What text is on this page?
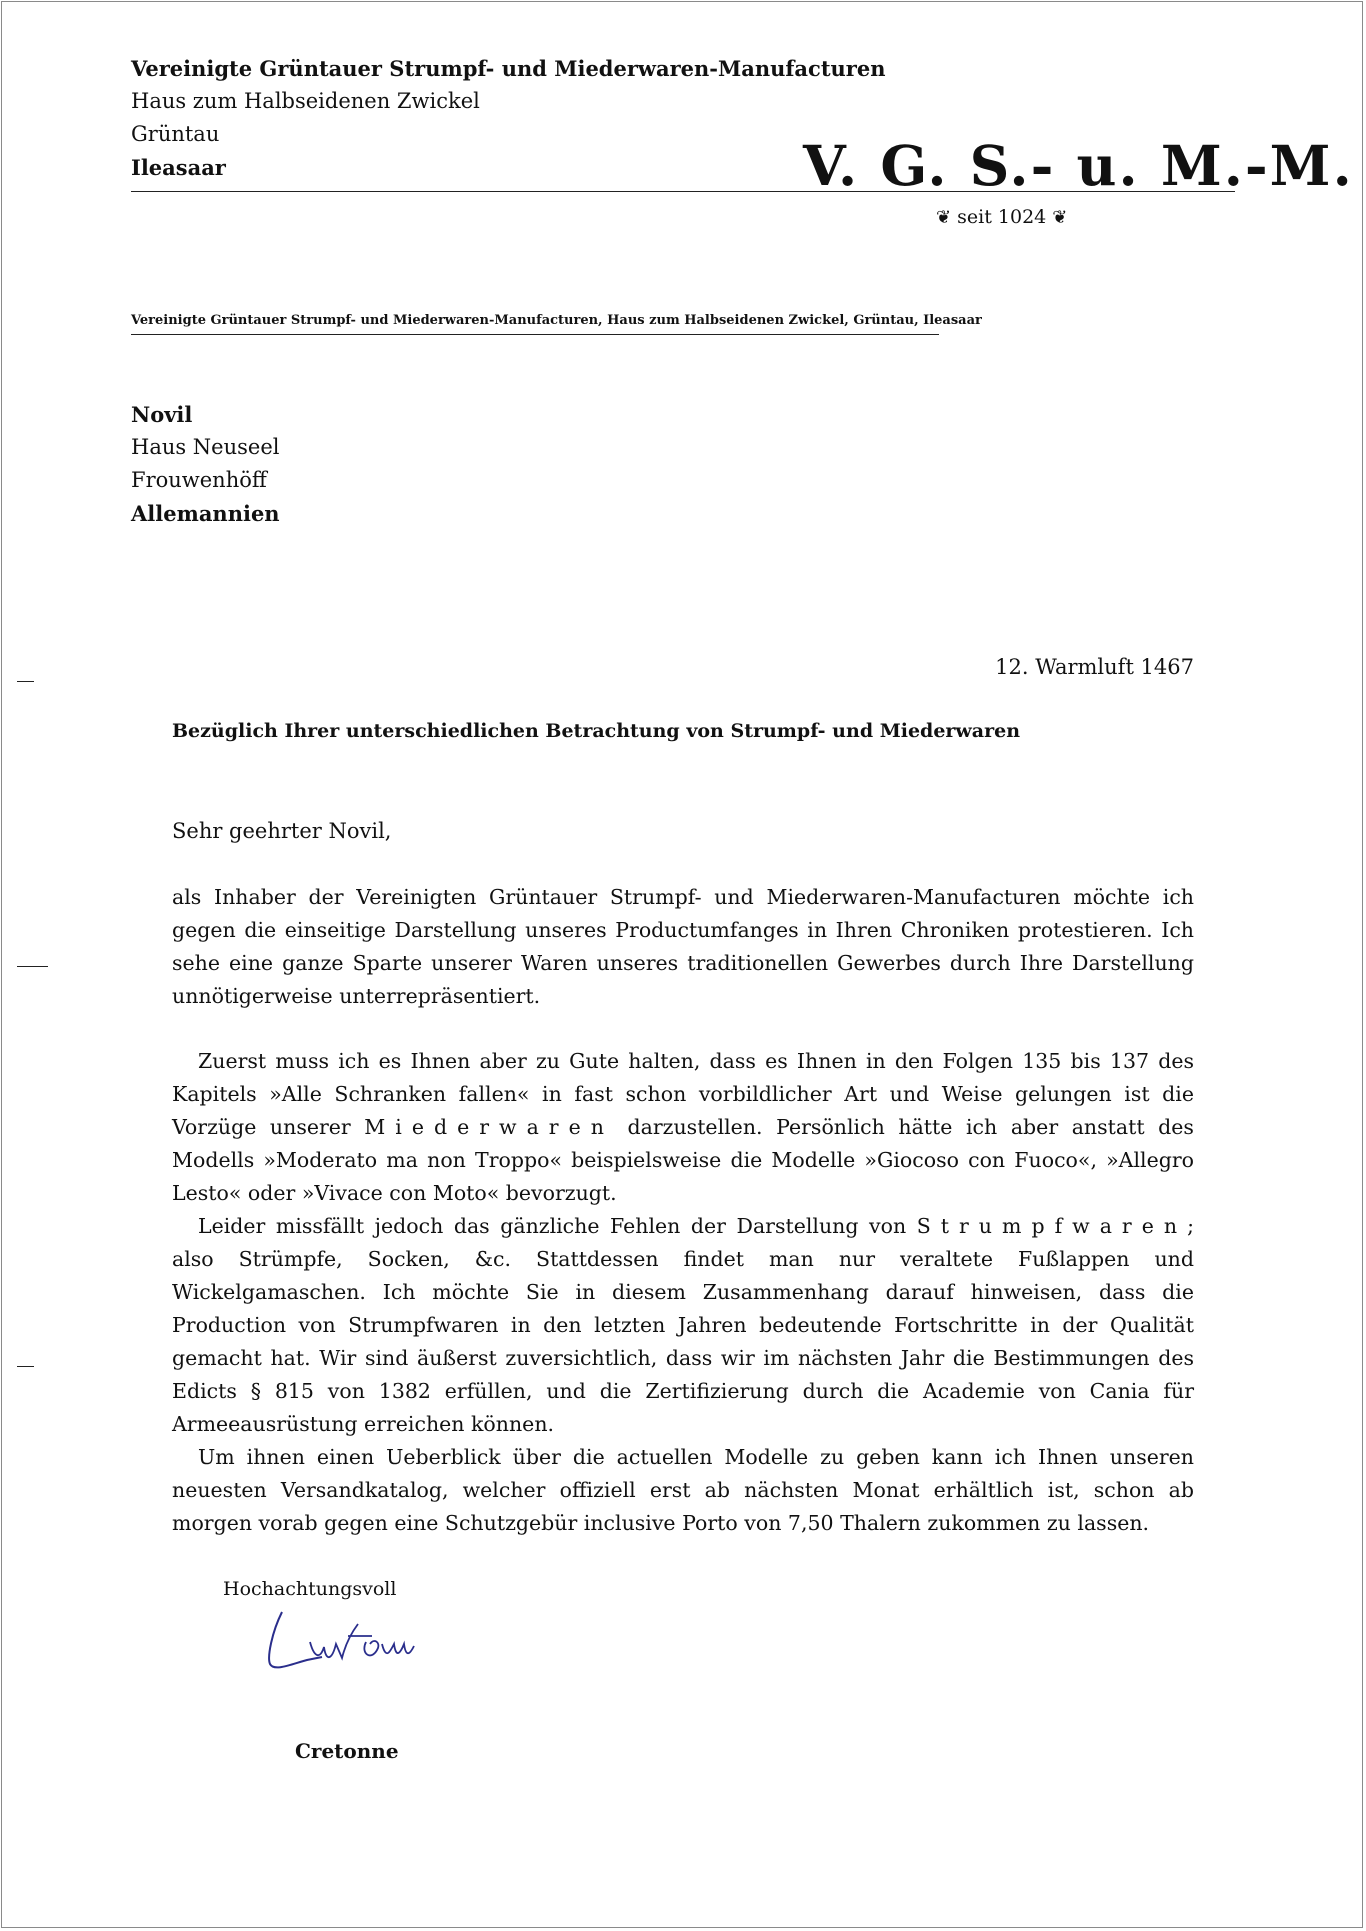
Vereinigte Grüntauer Strumpf- und Miederwaren-Manufacturen
Haus zum Halbseidenen Zwickel
Grüntau
Ileasaar	V. G. S.- u. M.-M.
❦ seit 1024 ❦
Vereinigte Grüntauer Strumpf- und Miederwaren-Manufacturen, Haus zum Halbseidenen Zwickel, Grüntau, Ileasaar
Novil
Haus Neuseel
Frouwenhöff
Allemannien
12. Warmluft 1467
Bezüglich Ihrer unterschiedlichen Betrachtung von Strumpf- und Miederwaren
Sehr geehrter Novil,
als Inhaber der Vereinigten Grüntauer Strumpf- und Miederwaren-Manufacturen möchte ich gegen die einseitige Darstellung unseres Productumfanges in Ihren Chroniken protestieren. Ich sehe eine ganze Sparte unserer Waren unseres traditionellen Gewerbes durch Ihre Darstellung unnötigerweise unterrepräsentiert.
Zuerst muss ich es Ihnen aber zu Gute halten, dass es Ihnen in den Folgen 135 bis 137 des Kapitels »Alle Schranken fallen« in fast schon vorbildlicher Art und Weise gelungen ist die Vorzüge unserer Miederwaren darzustellen. Persönlich hätte ich aber anstatt des Modells »Moderato ma non Troppo« beispielsweise die Modelle »Giocoso con Fuoco«, »Allegro Lesto« oder »Vivace con Moto« bevorzugt.
Leider missfällt jedoch das gänzliche Fehlen der Darstellung von Strumpfwaren; also Strümpfe, Socken, &c. Stattdessen findet man nur veraltete Fußlappen und Wickelgamaschen. Ich möchte Sie in diesem Zusammenhang darauf hinweisen, dass die Production von Strumpfwaren in den letzten Jahren bedeutende Fortschritte in der Qualität gemacht hat. Wir sind äußerst zuversichtlich, dass wir im nächsten Jahr die Bestimmungen des Edicts § 815 von 1382 erfüllen, und die Zertifizierung durch die Academie von Cania für Armeeausrüstung erreichen können.
Um ihnen einen Ueberblick über die actuellen Modelle zu geben kann ich Ihnen unseren neuesten Versandkatalog, welcher offiziell erst ab nächsten Monat erhältlich ist, schon ab morgen vorab gegen eine Schutzgebür inclusive Porto von 7,50 Thalern zukommen zu lassen.
Hochachtungsvoll
Cretonne
